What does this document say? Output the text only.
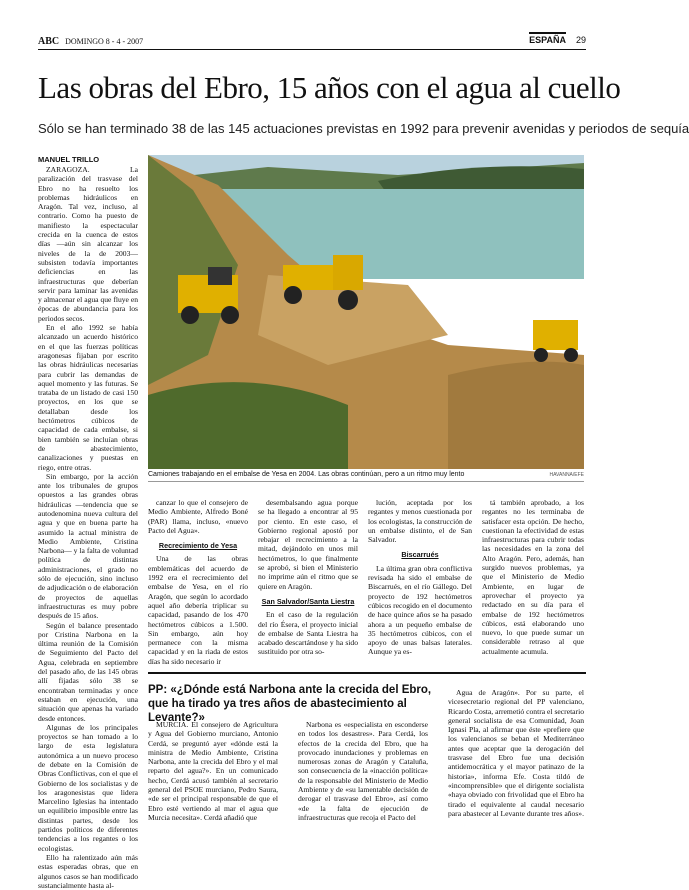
ABC DOMINGO 8 - 4 - 2007	ESPAÑA 29
Las obras del Ebro, 15 años con el agua al cuello
Sólo se han terminado 38 de las 145 actuaciones previstas en 1992 para prevenir avenidas y periodos de sequía
MANUEL TRILLO

ZARAGOZA. La paralización del trasvase del Ebro no ha resuelto los problemas hidráulicos en Aragón. Tal vez, incluso, al contrario. Como ha puesto de manifiesto la espectacular crecida en la cuenca de estos días —aún sin alcanzar los niveles de la de 2003— subsisten todavía importantes deficiencias en las infraestructuras que deberían servir para laminar las avenidas y almacenar el agua que fluye en épocas de abundancia para los periodos secos.

En el año 1992 se había alcanzado un acuerdo histórico en el que las fuerzas políticas aragonesas fijaban por escrito las obras hidráulicas necesarias para cubrir las demandas de aquel momento y las futuras. Se trataba de un listado de casi 150 proyectos, en los que se detallaban desde los hectómetros cúbicos de capacidad de cada embalse, si bien también se incluían obras de abastecimiento, canalizaciones y puestas en riego, entre otras.

Sin embargo, por la acción ante los tribunales de grupos opuestos a las grandes obras hidráulicas —tendencia que se autodenomina nueva cultura del agua y que en buena parte ha asumido la actual ministra de Medio Ambiente, Cristina Narbona— y la falta de voluntad política de distintas administraciones, el grado no sólo de ejecución, sino incluso de adjudicación o de elaboración de proyectos de aquellas infraestructuras es muy pobre después de 15 años.

Según el balance presentado por Cristina Narbona en la última reunión de la Comisión de Seguimiento del Pacto del Agua, celebrada en septiembre del pasado año, de las 145 obras allí fijadas sólo 38 se encontraban terminadas y once estaban en ejecución, una situación que apenas ha variado desde entonces.

Algunas de los principales proyectos se han tomado a lo largo de esta legislatura autonómica a un nuevo proceso de debate en la Comisión de Obras Conflictivas, con el que el Gobierno de los socialistas y de los aragonesistas que lidera Marcelino Iglesias ha intentado un equilibrio imposible entre las distintas partes, desde los partidos políticos de diferentes tendencias a los regantes o los ecologistas.

Ello ha ralentizado aún más estas esperadas obras, que en algunos casos se han modificado sustancialmente hasta al-

Camiones trabajando en el embalse de Yesa en 2004. Las obras continúan, pero a un ritmo muy lento	HAVANNA/EFE

canzar lo que el consejero de Medio Ambiente, Alfredo Boné (PAR) llama, incluso, «nuevo Pacto del Agua».

Recrecimiento de Yesa

Una de las obras emblemáticas del acuerdo de 1992 era el recrecimiento del embalse de Yesa, en el río Aragón, que según lo acordado aquel año debería triplicar su capacidad, pasando de los 470 hectómetros cúbicos a 1.500. Sin embargo, aún hoy permanece con la misma capacidad y en la riada de estos días ha sido necesario ir

desembalsando agua porque se ha llegado a encontrar al 95 por ciento. En este caso, el Gobierno regional apostó por rebajar el recrecimiento a la mitad, dejándolo en unos mil hectómetros, lo que finalmente se aprobó, si bien el Ministerio no imprime aún el ritmo que se quiere en Aragón.

San Salvador/Santa Liestra

En el caso de la regulación del río Ésera, el proyecto inicial de embalse de Santa Liestra ha acabado descartándose y ha sido sustituido por otra so-

lución, aceptada por los regantes y menos cuestionada por los ecologistas, la construcción de un embalse distinto, el de San Salvador.

Biscarrués

La última gran obra conflictiva revisada ha sido el embalse de Biscarrués, en el río Gállego. Del proyecto de 192 hectómetros cúbicos recogido en el documento de hace quince años se ha pasado ahora a un pequeño embalse de 35 hectómetros cúbicos, con el apoyo de unas balsas laterales. Aunque ya es-

tá también aprobado, a los regantes no les terminaba de satisfacer esta opción. De hecho, cuestionan la efectividad de estas infraestructuras para cubrir todas las necesidades en la zona del Alto Aragón. Pero, además, han surgido nuevos problemas, ya que el Ministerio de Medio Ambiente, en lugar de aprovechar el proyecto ya redactado en su día para el embalse de 192 hectómetros cúbicos, está elaborando uno nuevo, lo que puede sumar un considerable retraso al que actualmente acumula.

PP: «¿Dónde está Narbona ante la crecida del Ebro, que ha tirado ya tres años de abastecimiento al Levante?»

MURCIA. El consejero de Agricultura y Agua del Gobierno murciano, Antonio Cerdá, se preguntó ayer «dónde está la ministra de Medio Ambiente, Cristina Narbona, ante la crecida del Ebro y el mal reparto del agua?». En un comunicado hecho, Cerdá acusó también al secretario general del PSOE murciano, Pedro Saura, «de ser el principal responsable de que el Ebro esté vertiendo al mar el agua que Murcia necesita». Cerdá añadió que

Narbona es «especialista en esconderse en todos los desastres». Para Cerdá, los efectos de la crecida del Ebro, que ha provocado inundaciones y problemas en numerosas zonas de Aragón y Cataluña, son consecuencia de la «inacción política» de la responsable del Ministerio de Medio Ambiente y de «su lamentable decisión de derogar el trasvase del Ebro», así como «de la falta de ejecución de infraestructuras que recoja el Pacto del

Agua de Aragón». Por su parte, el vicesecretario regional del PP valenciano, Ricardo Costa, arremetió contra el secretario general socialista de esa Comunidad, Joan Ignasi Pla, al afirmar que éste «prefiere que los valencianos se beban el Mediterráneo antes que aceptar que la derogación del trasvase del Ebro fue una decisión antidemocrática y el mayor patinazo de la historia», informa Efe. Costa tildó de «incomprensible» que el dirigente socialista «haya obviado con frivolidad que el Ebro ha tirado el equivalente al caudal necesario para abastecer al Levante durante tres años».
